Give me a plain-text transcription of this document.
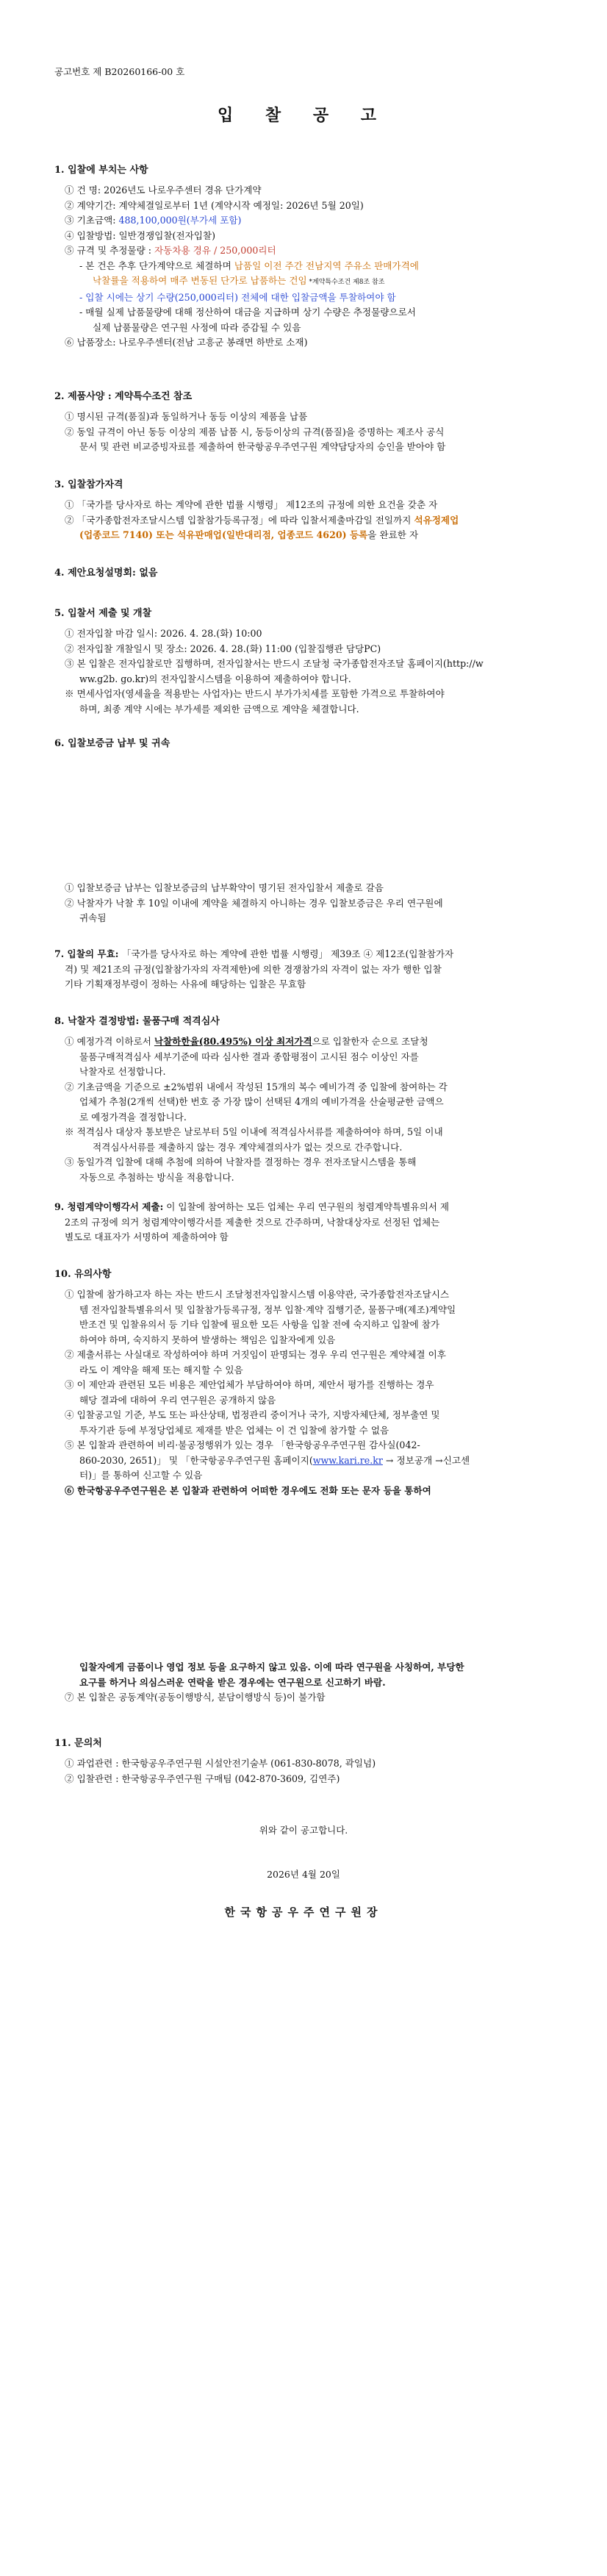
공고번호 제 B20260166-00 호
입 찰 공 고
1. 입찰에 부치는 사항
① 건 명: 2026년도 나로우주센터 경유 단가계약
② 계약기간: 계약체결일로부터 1년 (계약시작 예정일: 2026년 5월 20일)
③ 기초금액: 488,100,000원(부가세 포함)
④ 입찰방법: 일반경쟁입찰(전자입찰)
⑤ 규격 및 추정물량 : 자동차용 경유 / 250,000리터
- 본 건은 추후 단가계약으로 체결하며 납품일 이전 주간 전남지역 주유소 판매가격에
낙찰률을 적용하여 매주 변동된 단가로 납품하는 건임 *계약특수조건 제8조 참조
- 입찰 시에는 상기 수량(250,000리터) 전체에 대한 입찰금액을 투찰하여야 함
- 매월 실제 납품물량에 대해 정산하여 대금을 지급하며 상기 수량은 추정물량으로서
실제 납품물량은 연구원 사정에 따라 증감될 수 있음
⑥ 납품장소: 나로우주센터(전남 고흥군 봉래면 하반로 소재)
2. 제품사양 : 계약특수조건 참조
① 명시된 규격(품질)과 동일하거나 동등 이상의 제품을 납품
② 동일 규격이 아닌 동등 이상의 제품 납품 시, 동등이상의 규격(품질)을 증명하는 제조사 공식
문서 및 관련 비교증빙자료를 제출하여 한국항공우주연구원 계약담당자의 승인을 받아야 함
3. 입찰참가자격
① 「국가를 당사자로 하는 계약에 관한 법률 시행령」 제12조의 규정에 의한 요건을 갖춘 자
② 「국가종합전자조달시스템 입찰참가등록규정」에 따라 입찰서제출마감일 전일까지 석유정제업
(업종코드 7140) 또는 석유판매업(일반대리점, 업종코드 4620) 등록을 완료한 자
4. 제안요청설명회: 없음
5. 입찰서 제출 및 개찰
① 전자입찰 마감 일시: 2026. 4. 28.(화) 10:00
② 전자입찰 개찰일시 및 장소: 2026. 4. 28.(화) 11:00 (입찰집행관 담당PC)
③ 본 입찰은 전자입찰로만 집행하며, 전자입찰서는 반드시 조달청 국가종합전자조달 홈페이지(http://w
ww.g2b. go.kr)의 전자입찰시스템을 이용하여 제출하여야 합니다.
※ 면세사업자(영세율을 적용받는 사업자)는 반드시 부가가치세를 포함한 가격으로 투찰하여야
하며, 최종 계약 시에는 부가세를 제외한 금액으로 계약을 체결합니다.
6. 입찰보증금 납부 및 귀속
① 입찰보증금 납부는 입찰보증금의 납부확약이 명기된 전자입찰서 제출로 갈음
② 낙찰자가 낙찰 후 10일 이내에 계약을 체결하지 아니하는 경우 입찰보증금은 우리 연구원에
귀속됨
7. 입찰의 무효: 「국가를 당사자로 하는 계약에 관한 법률 시행령」 제39조 ④ 제12조(입찰참가자
격) 및 제21조의 규정(입찰참가자의 자격제한)에 의한 경쟁참가의 자격이 없는 자가 행한 입찰
기타 기획재정부령이 정하는 사유에 해당하는 입찰은 무효함
8. 낙찰자 결정방법: 물품구매 적격심사
① 예정가격 이하로서 낙찰하한율(80.495%) 이상 최저가격으로 입찰한자 순으로 조달청
물품구매적격심사 세부기준에 따라 심사한 결과 종합평점이 고시된 점수 이상인 자를
낙찰자로 선정합니다.
② 기초금액을 기준으로 ±2%범위 내에서 작성된 15개의 복수 예비가격 중 입찰에 참여하는 각
업체가 추첨(2개씩 선택)한 번호 중 가장 많이 선택된 4개의 예비가격을 산술평균한 금액으
로 예정가격을 결정합니다.
※ 적격심사 대상자 통보받은 날로부터 5일 이내에 적격심사서류를 제출하여야 하며, 5일 이내
적격심사서류를 제출하지 않는 경우 계약체결의사가 없는 것으로 간주합니다.
③ 동일가격 입찰에 대해 추첨에 의하여 낙찰자를 결정하는 경우 전자조달시스템을 통해
자동으로 추첨하는 방식을 적용합니다.
9. 청렴계약이행각서 제출: 이 입찰에 참여하는 모든 업체는 우리 연구원의 청렴계약특별유의서 제
2조의 규정에 의거 청렴계약이행각서를 제출한 것으로 간주하며, 낙찰대상자로 선정된 업체는
별도로 대표자가 서명하여 제출하여야 함
10. 유의사항
① 입찰에 참가하고자 하는 자는 반드시 조달청전자입찰시스템 이용약관, 국가종합전자조달시스
템 전자입찰특별유의서 및 입찰참가등록규정, 정부 입찰·계약 집행기준, 물품구매(제조)계약일
반조건 및 입찰유의서 등 기타 입찰에 필요한 모든 사항을 입찰 전에 숙지하고 입찰에 참가
하여야 하며, 숙지하지 못하여 발생하는 책임은 입찰자에게 있음
② 제출서류는 사실대로 작성하여야 하며 거짓임이 판명되는 경우 우리 연구원은 계약체결 이후
라도 이 계약을 해제 또는 해지할 수 있음
③ 이 제안과 관련된 모든 비용은 제안업체가 부담하여야 하며, 제안서 평가를 진행하는 경우
해당 결과에 대하여 우리 연구원은 공개하지 않음
④ 입찰공고일 기준, 부도 또는 파산상태, 법정관리 중이거나 국가, 지방자체단체, 정부출연 및
투자기관 등에 부정당업체로 제재를 받은 업체는 이 건 입찰에 참가할 수 없음
⑤ 본 입찰과 관련하여 비리·불공정행위가 있는 경우 「한국항공우주연구원 감사실(042-
860-2030, 2651)」 및 「한국항공우주연구원 홈페이지(www.kari.re.kr → 정보공개 →신고센
터)」를 통하여 신고할 수 있음
⑥ 한국항공우주연구원은 본 입찰과 관련하여 어떠한 경우에도 전화 또는 문자 등을 통하여
입찰자에게 금품이나 영업 정보 등을 요구하지 않고 있음. 이에 따라 연구원을 사칭하여, 부당한
요구를 하거나 의심스러운 연락을 받은 경우에는 연구원으로 신고하기 바람.
⑦ 본 입찰은 공동계약(공동이행방식, 분담이행방식 등)이 불가함
11. 문의처
① 과업관련 : 한국항공우주연구원 시설안전기술부 (061-830-8078, 곽일넘)
② 입찰관련 : 한국항공우주연구원 구매팀 (042-870-3609, 김연주)
위와 같이 공고합니다.
2026년 4월 20일
한국항공우주연구원장
